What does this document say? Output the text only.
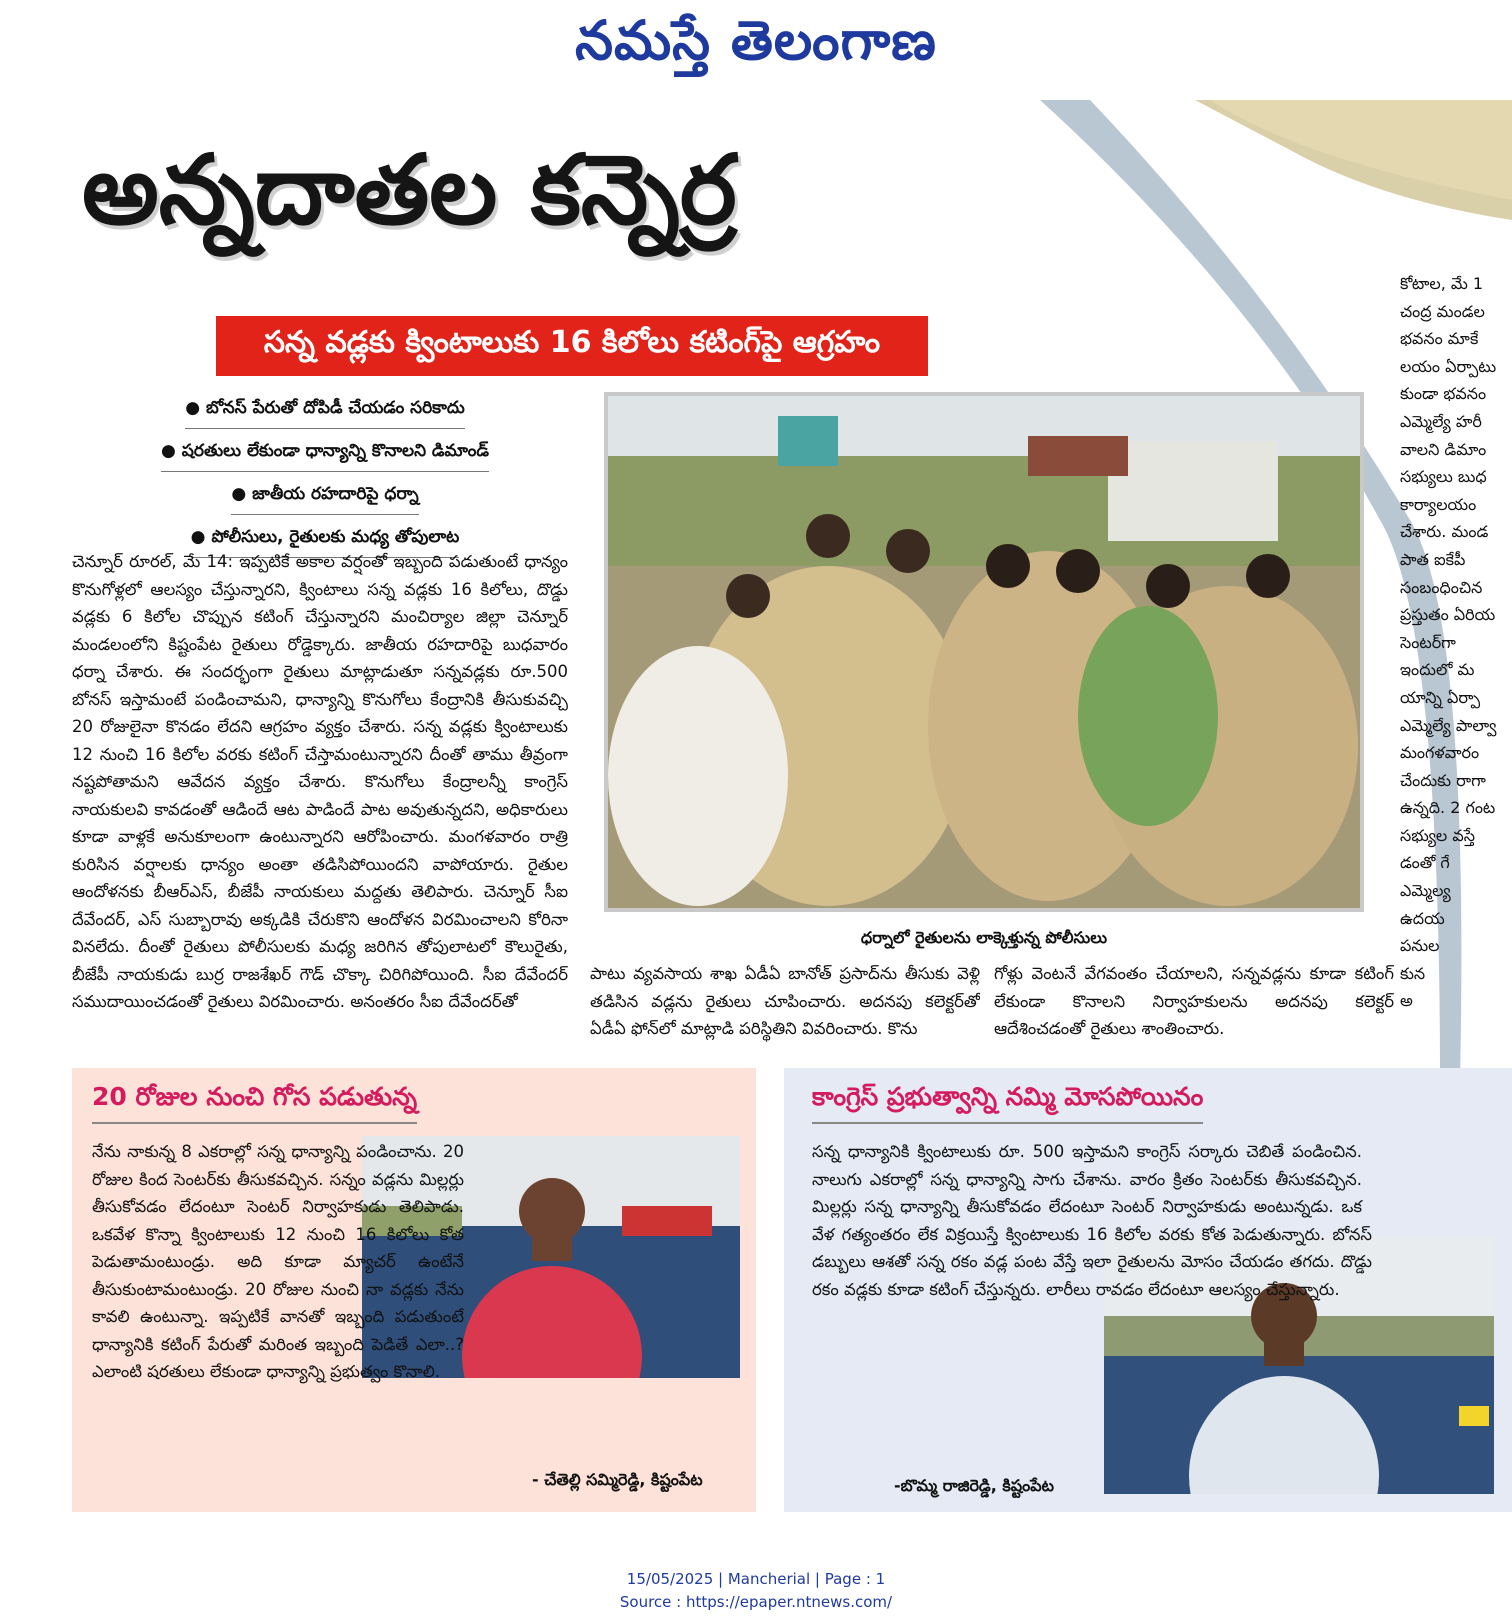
నమస్తే తెలంగాణ
అన్నదాతల కన్నెర్ర
సన్న వడ్లకు క్వింటాలుకు 16 కిలోలు కటింగ్‌పై ఆగ్రహం
● బోనస్ పేరుతో దోపిడీ చేయడం సరికాదు
● షరతులు లేకుండా ధాన్యాన్ని కొనాలని డిమాండ్
● జాతీయ రహదారిపై ధర్నా
● పోలీసులు, రైతులకు మధ్య తోపులాట
చెన్నూర్ రూరల్, మే 14: ఇప్పటికే అకాల వర్షంతో ఇబ్బంది పడుతుంటే ధాన్యం కొనుగోళ్లలో ఆలస్యం చేస్తున్నారని, క్వింటాలు సన్న వడ్లకు 16 కిలోలు, దొడ్డు వడ్లకు 6 కిలోల చొప్పున కటింగ్ చేస్తున్నారని మంచిర్యాల జిల్లా చెన్నూర్ మండలంలోని కిష్టంపేట రైతులు రోడ్డెక్కారు. జాతీయ రహదారిపై బుధవారం ధర్నా చేశారు. ఈ సందర్భంగా రైతులు మాట్లాడుతూ సన్నవడ్లకు రూ.500 బోనస్ ఇస్తామంటే పండించామని, ధాన్యాన్ని కొనుగోలు కేంద్రానికి తీసుకువచ్చి 20 రోజులైనా కొనడం లేదని ఆగ్రహం వ్యక్తం చేశారు. సన్న వడ్లకు క్వింటాలుకు 12 నుంచి 16 కిలోల వరకు కటింగ్ చేస్తామంటున్నారని దీంతో తాము తీవ్రంగా నష్టపోతామని ఆవేదన వ్యక్తం చేశారు. కొనుగోలు కేంద్రాలన్నీ కాంగ్రెస్ నాయకులవి కావడంతో ఆడిందే ఆట పాడిందే పాట అవుతున్నదని, అధికారులు కూడా వాళ్లకే అనుకూలంగా ఉంటున్నారని ఆరోపించారు. మంగళవారం రాత్రి కురిసిన వర్షాలకు ధాన్యం అంతా తడిసిపోయిందని వాపోయారు. రైతుల ఆందోళనకు బీఆర్ఎస్, బీజేపీ నాయకులు మద్దతు తెలిపారు. చెన్నూర్ సీఐ దేవేందర్, ఎస్ సుబ్బారావు అక్కడికి చేరుకొని ఆందోళన విరమించాలని కోరినా వినలేదు. దీంతో రైతులు పోలీసులకు మధ్య జరిగిన తోపులాటలో కౌలురైతు, బీజేపీ నాయకుడు బుర్ర రాజశేఖర్ గౌడ్ చొక్కా చిరిగిపోయింది. సీఐ దేవేందర్ సముదాయించడంతో రైతులు విరమించారు. అనంతరం సీఐ దేవేందర్‌తో
ధర్నాలో రైతులను లాక్కెళ్తున్న పోలీసులు
పాటు వ్యవసాయ శాఖ ఏడీఏ బానోత్ ప్రసాద్‌ను తీసుకు వెళ్లి తడిసిన వడ్లను రైతులు చూపించారు. అదనపు కలెక్టర్‌తో ఏడీఏ ఫోన్‌లో మాట్లాడి పరిస్థితిని వివరించారు. కొను
గోళ్లు వెంటనే వేగవంతం చేయాలని, సన్నవడ్లను కూడా కటింగ్ లేకుండా కొనాలని నిర్వాహకులను అదనపు కలెక్టర్ ఆదేశించడంతో రైతులు శాంతించారు.
కోటాల, మే 1
చంద్ర మండల
భవనం మాకే
లయం ఏర్పాటు
కుండా భవనం
ఎమ్మెల్యే హరీ
వాలని డిమాం
సభ్యులు బుధ
కార్యాలయం
చేశారు. మండ
పాత ఐకేపీ
సంబంధించిన
ప్రస్తుతం ఏరియ
సెంటర్‌గా
ఇందులో మ
యాన్ని ఏర్పా
ఎమ్మెల్యే పాల్వా
మంగళవారం
చేందుకు రాగా
ఉన్నది. 2 గంట
సభ్యుల వస్తే
డంతో గే
ఎమ్మెల్య
ఉదయ
పనుల
కున
అ
20 రోజుల నుంచి గోస పడుతున్న
నేను నాకున్న 8 ఎకరాల్లో సన్న ధాన్యాన్ని పండించాను. 20 రోజుల కింద సెంటర్‌కు తీసుకవచ్చిన. సన్నం వడ్లను మిల్లర్లు తీసుకోవడం లేదంటూ సెంటర్ నిర్వాహకుడు తెలిపాడు. ఒకవేళ కొన్నా క్వింటాలుకు 12 నుంచి 16 కిలోలు కోత పెడుతామంటుండ్రు. అది కూడా మ్యాచర్ ఉంటేనే తీసుకుంటామంటుండ్రు. 20 రోజుల నుంచి నా వడ్లకు నేను కావలి ఉంటున్నా. ఇప్పటికే వానతో ఇబ్బంది పడుతుంటే ధాన్యానికి కటింగ్ పేరుతో మరింత ఇబ్బంది పెడితే ఎలా..? ఎలాంటి షరతులు లేకుండా ధాన్యాన్ని ప్రభుత్వం కొనాలి.
- చేతెల్లి సమ్మిరెడ్డి, కిష్టంపేట
కాంగ్రెస్ ప్రభుత్వాన్ని నమ్మి మోసపోయినం
సన్న ధాన్యానికి క్వింటాలుకు రూ. 500 ఇస్తామని కాంగ్రెస్ సర్కారు చెబితే పండించిన. నాలుగు ఎకరాల్లో సన్న ధాన్యాన్ని సాగు చేశాను. వారం క్రితం సెంటర్‌కు తీసుకవచ్చిన. మిల్లర్లు సన్న ధాన్యాన్ని తీసుకోవడం లేదంటూ సెంటర్ నిర్వాహకుడు అంటున్నడు. ఒక వేళ గత్యంతరం లేక విక్రయిస్తే క్వింటాలుకు 16 కిలోల వరకు కోత పెడుతున్నారు. బోనస్ డబ్బులు ఆశతో సన్న రకం వడ్ల పంట వేస్తే ఇలా రైతులను మోసం చేయడం తగదు. దొడ్డు రకం వడ్లకు కూడా కటింగ్ చేస్తున్నరు. లారీలు రావడం లేదంటూ ఆలస్యం చేస్తున్నారు.
-బొమ్మ రాజిరెడ్డి, కిష్టంపేట
15/05/2025 | Mancherial | Page : 1
Source : https://epaper.ntnews.com/
